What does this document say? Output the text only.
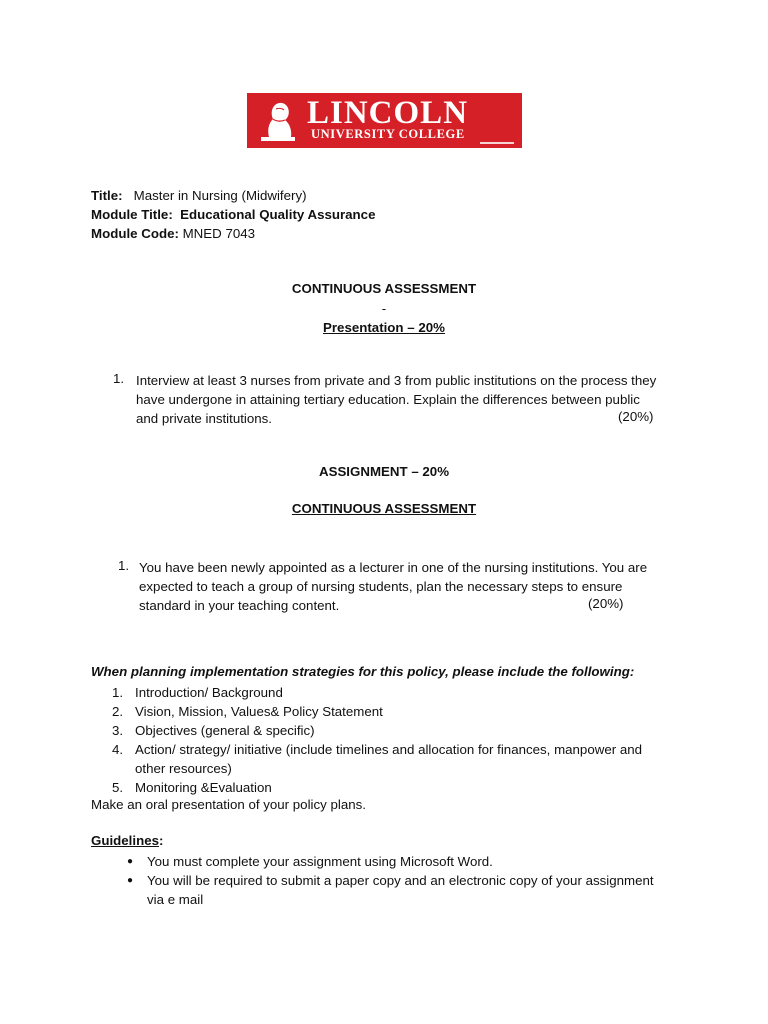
LINCOLN
UNIVERSITY COLLEGE
Title: Master in Nursing (Midwifery)
Module Title: Educational Quality Assurance
Module Code: MNED 7043
CONTINUOUS ASSESSMENT
-
Presentation – 20%
1. Interview at least 3 nurses from private and 3 from public institutions on the process they
have undergone in attaining tertiary education. Explain the differences between public
and private institutions.	(20%)
ASSIGNMENT – 20%
CONTINUOUS ASSESSMENT
1. You have been newly appointed as a lecturer in one of the nursing institutions. You are
expected to teach a group of nursing students, plan the necessary steps to ensure
standard in your teaching content.	(20%)
When planning implementation strategies for this policy, please include the following:
1. Introduction/ Background
2. Vision, Mission, Values& Policy Statement
3. Objectives (general & specific)
4. Action/ strategy/ initiative (include timelines and allocation for finances, manpower and
other resources)
5. Monitoring &Evaluation
Make an oral presentation of your policy plans.
Guidelines:
● You must complete your assignment using Microsoft Word.
● You will be required to submit a paper copy and an electronic copy of your assignment
via e mail
